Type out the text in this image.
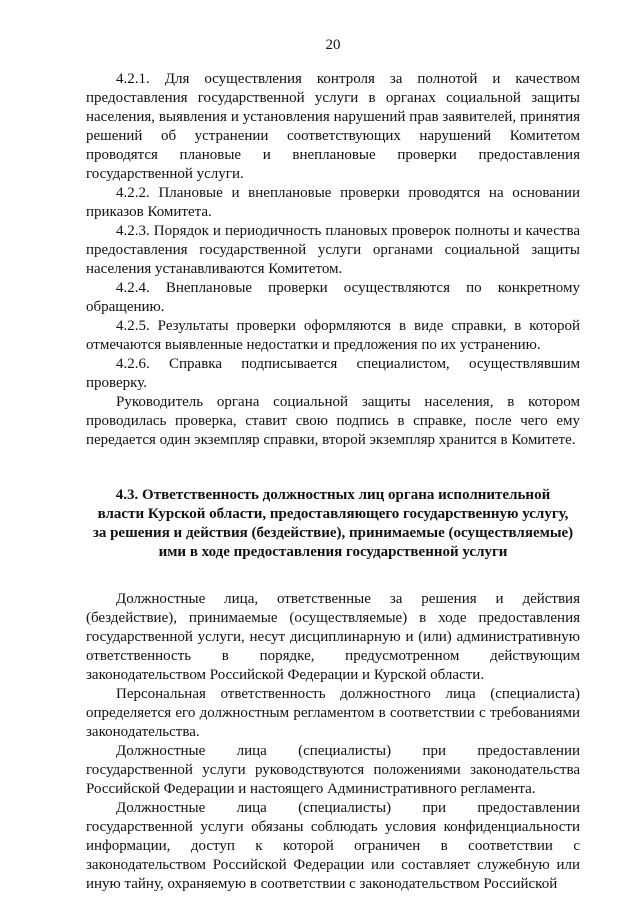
20

4.2.1. Для осуществления контроля за полнотой и качеством предоставления государственной услуги в органах социальной защиты населения, выявления и установления нарушений прав заявителей, принятия решений об устранении соответствующих нарушений Комитетом проводятся плановые и внеплановые проверки предоставления государственной услуги.

4.2.2. Плановые и внеплановые проверки проводятся на основании приказов Комитета.

4.2.3. Порядок и периодичность плановых проверок полноты и качества предоставления государственной услуги органами социальной защиты населения устанавливаются Комитетом.

4.2.4. Внеплановые проверки осуществляются по конкретному обращению.

4.2.5. Результаты проверки оформляются в виде справки, в которой отмечаются выявленные недостатки и предложения по их устранению.

4.2.6. Справка подписывается специалистом, осуществлявшим проверку.

Руководитель органа социальной защиты населения, в котором проводилась проверка, ставит свою подпись в справке, после чего ему передается один экземпляр справки, второй экземпляр хранится в Комитете.

4.3. Ответственность должностных лиц органа исполнительной
власти Курской области, предоставляющего государственную услугу,
за решения и действия (бездействие), принимаемые (осуществляемые)
ими в ходе предоставления государственной услуги

Должностные лица, ответственные за решения и действия (бездействие), принимаемые (осуществляемые) в ходе предоставления государственной услуги, несут дисциплинарную и (или) административную ответственность в порядке, предусмотренном действующим законодательством Российской Федерации и Курской области.

Персональная ответственность должностного лица (специалиста) определяется его должностным регламентом в соответствии с требованиями законодательства.

Должностные лица (специалисты) при предоставлении государственной услуги руководствуются положениями законодательства Российской Федерации и настоящего Административного регламента.

Должностные лица (специалисты) при предоставлении государственной услуги обязаны соблюдать условия конфиденциальности информации, доступ к которой ограничен в соответствии с законодательством Российской Федерации или составляет служебную или иную тайну, охраняемую в соответствии с законодательством Российской
